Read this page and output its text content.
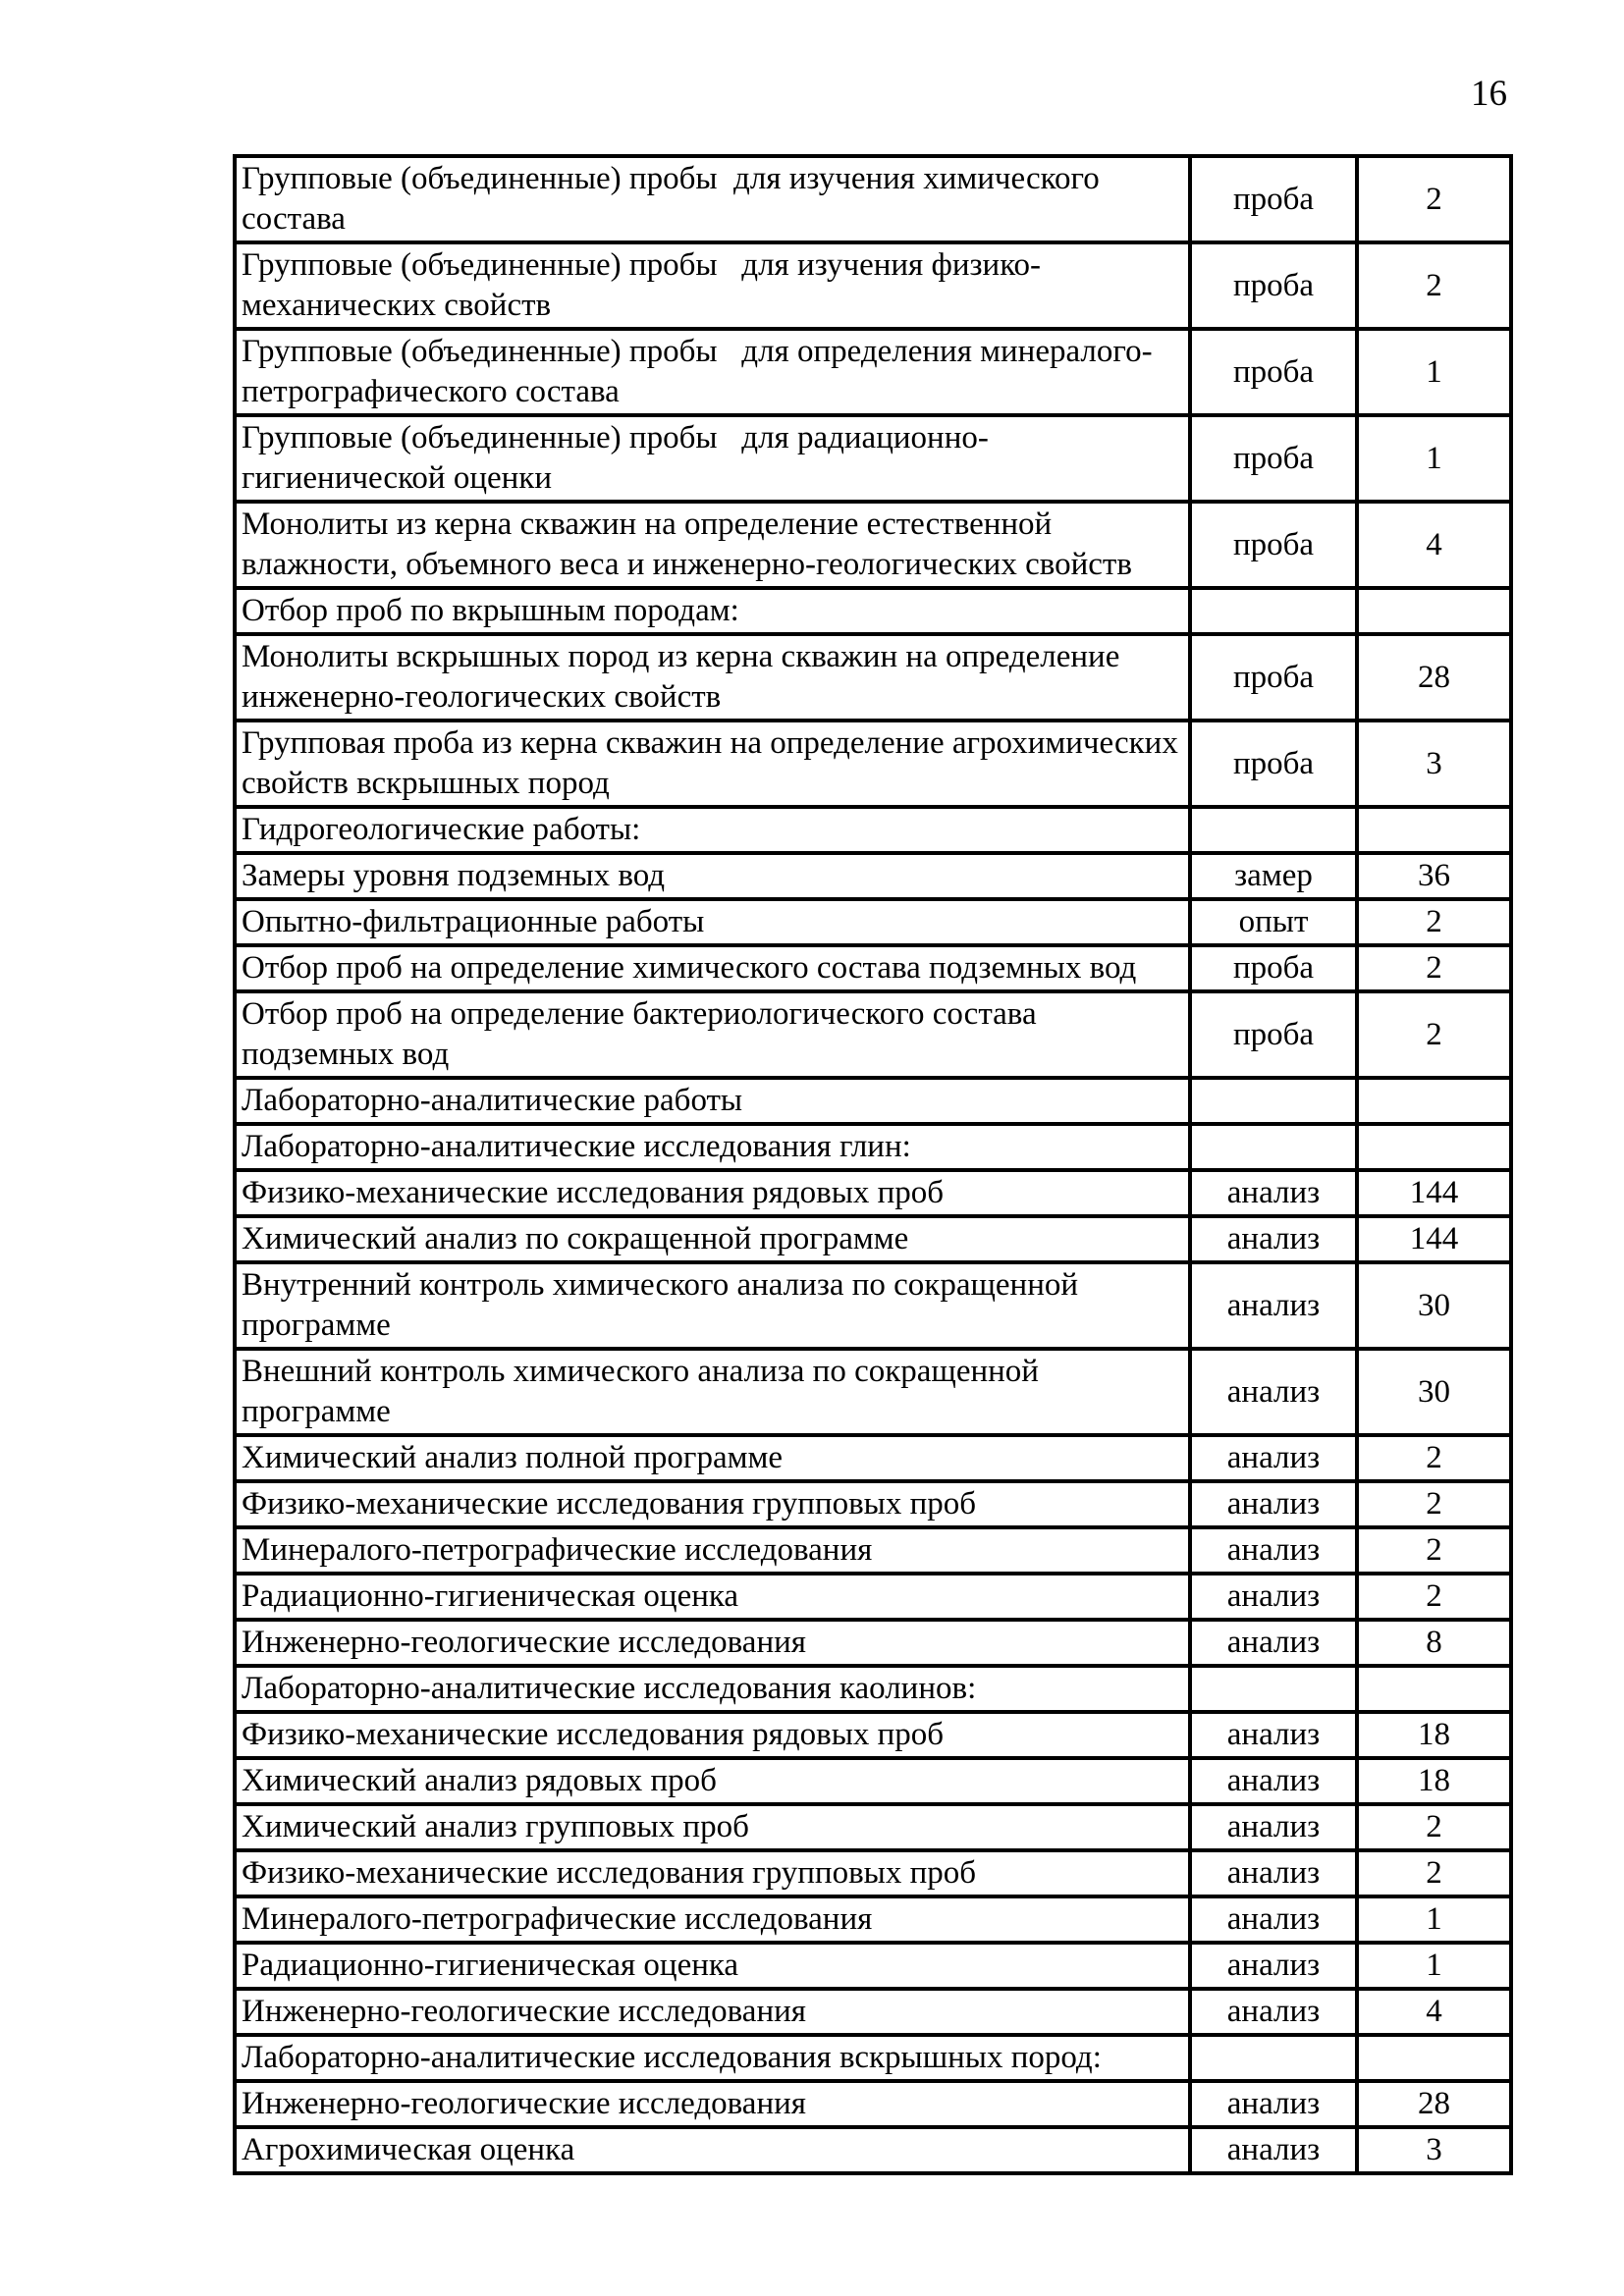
16
Групповые (объединенные) пробы  для изучения химического состава	проба	2
Групповые (объединенные) пробы   для изучения физико-механических свойств	проба	2
Групповые (объединенные) пробы   для определения минералого-петрографического состава	проба	1
Групповые (объединенные) пробы   для радиационно-гигиенической оценки	проба	1
Монолиты из керна скважин на определение естественной влажности, объемного веса и инженерно-геологических свойств	проба	4
Отбор проб по вкрышным породам:		
Монолиты вскрышных пород из керна скважин на определение инженерно-геологических свойств	проба	28
Групповая проба из керна скважин на определение агрохимических свойств вскрышных пород	проба	3
Гидрогеологические работы:		
Замеры уровня подземных вод	замер	36
Опытно-фильтрационные работы	опыт	2
Отбор проб на определение химического состава подземных вод	проба	2
Отбор проб на определение бактериологического состава подземных вод	проба	2
Лабораторно-аналитические работы		
Лабораторно-аналитические исследования глин:		
Физико-механические исследования рядовых проб	анализ	144
Химический анализ по сокращенной программе	анализ	144
Внутренний контроль химического анализа по сокращенной программе	анализ	30
Внешний контроль химического анализа по сокращенной программе	анализ	30
Химический анализ полной программе	анализ	2
Физико-механические исследования групповых проб	анализ	2
Минералого-петрографические исследования	анализ	2
Радиационно-гигиеническая оценка	анализ	2
Инженерно-геологические исследования	анализ	8
Лабораторно-аналитические исследования каолинов:		
Физико-механические исследования рядовых проб	анализ	18
Химический анализ рядовых проб	анализ	18
Химический анализ групповых проб	анализ	2
Физико-механические исследования групповых проб	анализ	2
Минералого-петрографические исследования	анализ	1
Радиационно-гигиеническая оценка	анализ	1
Инженерно-геологические исследования	анализ	4
Лабораторно-аналитические исследования вскрышных пород:		
Инженерно-геологические исследования	анализ	28
Агрохимическая оценка	анализ	3
